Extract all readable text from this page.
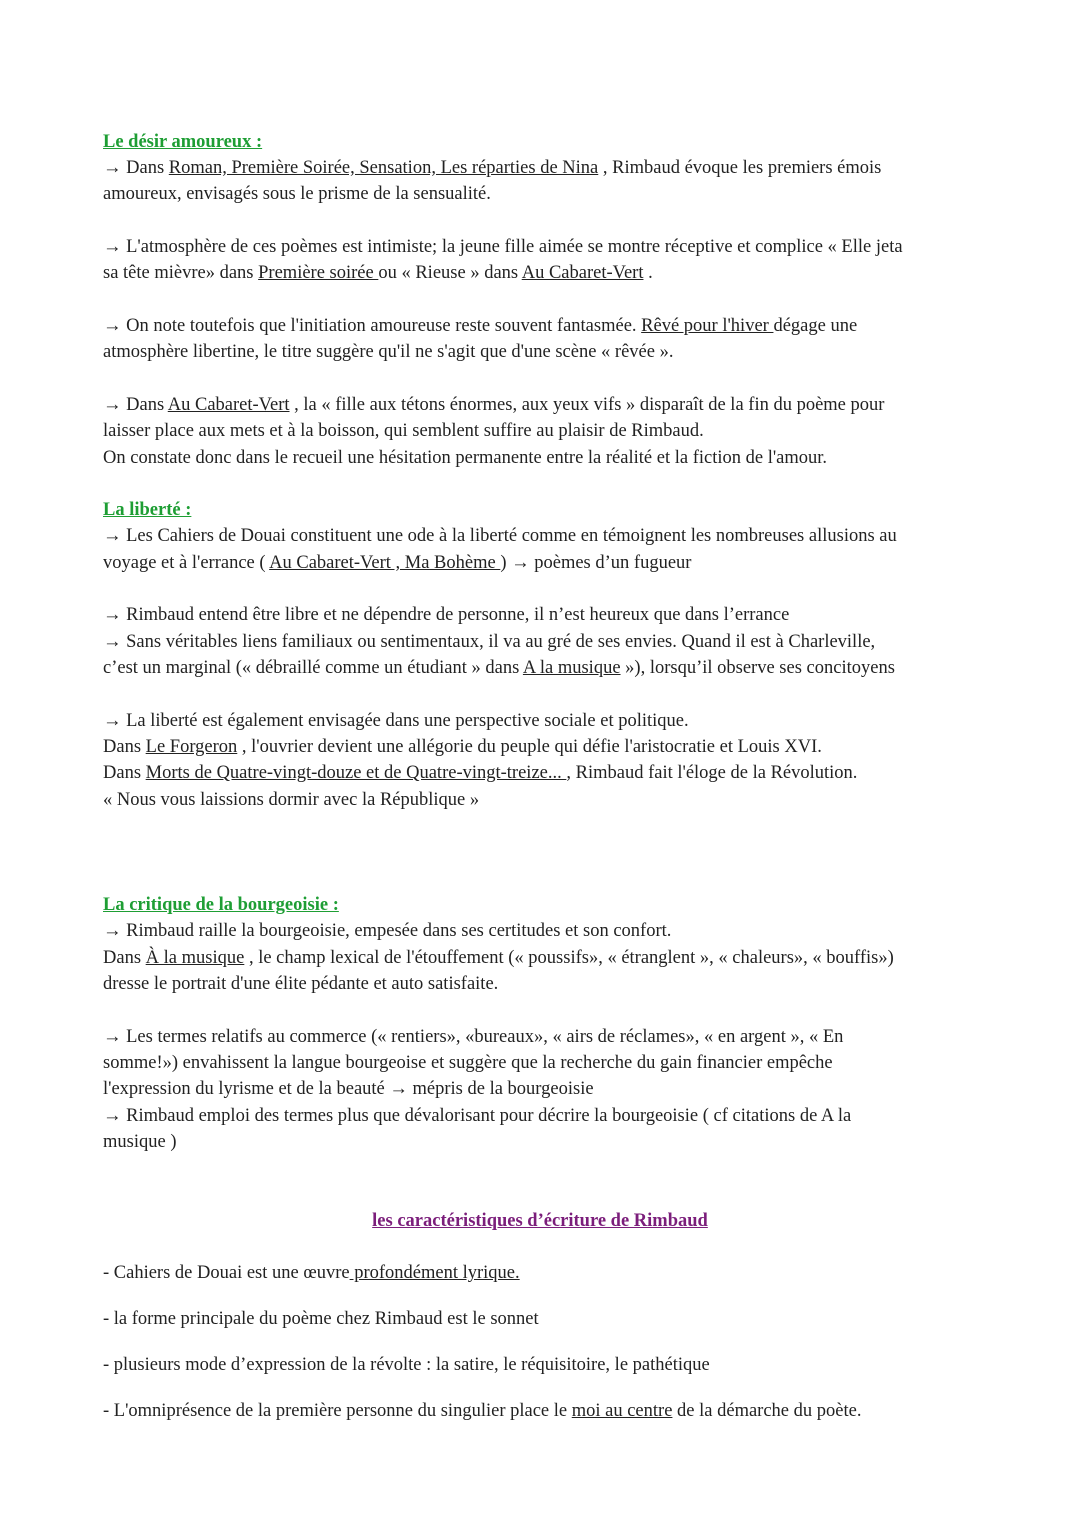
Le désir amoureux :
→ Dans Roman, Première Soirée, Sensation, Les réparties de Nina , Rimbaud évoque les premiers émois
amoureux, envisagés sous le prisme de la sensualité.
→ L'atmosphère de ces poèmes est intimiste; la jeune fille aimée se montre réceptive et complice « Elle jeta
sa tête mièvre» dans Première soirée ou « Rieuse » dans Au Cabaret-Vert .
→ On note toutefois que l'initiation amoureuse reste souvent fantasmée. Rêvé pour l'hiver dégage une
atmosphère libertine, le titre suggère qu'il ne s'agit que d'une scène « rêvée ».
→ Dans Au Cabaret-Vert , la « fille aux tétons énormes, aux yeux vifs » disparaît de la fin du poème pour
laisser place aux mets et à la boisson, qui semblent suffire au plaisir de Rimbaud.
On constate donc dans le recueil une hésitation permanente entre la réalité et la fiction de l'amour.
La liberté :
→ Les Cahiers de Douai constituent une ode à la liberté comme en témoignent les nombreuses allusions au
voyage et à l'errance ( Au Cabaret-Vert , Ma Bohème ) → poèmes d’un fugueur
→ Rimbaud entend être libre et ne dépendre de personne, il n’est heureux que dans l’errance
→ Sans véritables liens familiaux ou sentimentaux, il va au gré de ses envies. Quand il est à Charleville,
c’est un marginal (« débraillé comme un étudiant » dans A la musique »), lorsqu’il observe ses concitoyens
→ La liberté est également envisagée dans une perspective sociale et politique.
Dans Le Forgeron , l'ouvrier devient une allégorie du peuple qui défie l'aristocratie et Louis XVI.
Dans Morts de Quatre-vingt-douze et de Quatre-vingt-treize... , Rimbaud fait l'éloge de la Révolution.
« Nous vous laissions dormir avec la République »
La critique de la bourgeoisie :
→ Rimbaud raille la bourgeoisie, empesée dans ses certitudes et son confort.
Dans À la musique , le champ lexical de l'étouffement (« poussifs», « étranglent », « chaleurs», « bouffis»)
dresse le portrait d'une élite pédante et auto satisfaite.
→ Les termes relatifs au commerce (« rentiers», «bureaux», « airs de réclames», « en argent », « En
somme!») envahissent la langue bourgeoise et suggère que la recherche du gain financier empêche
l'expression du lyrisme et de la beauté → mépris de la bourgeoisie
→ Rimbaud emploi des termes plus que dévalorisant pour décrire la bourgeoisie ( cf citations de A la
musique )
les caractéristiques d’écriture de Rimbaud
- Cahiers de Douai est une œuvre profondément lyrique.
- la forme principale du poème chez Rimbaud est le sonnet
- plusieurs mode d’expression de la révolte : la satire, le réquisitoire, le pathétique
- L'omniprésence de la première personne du singulier place le moi au centre de la démarche du poète.
